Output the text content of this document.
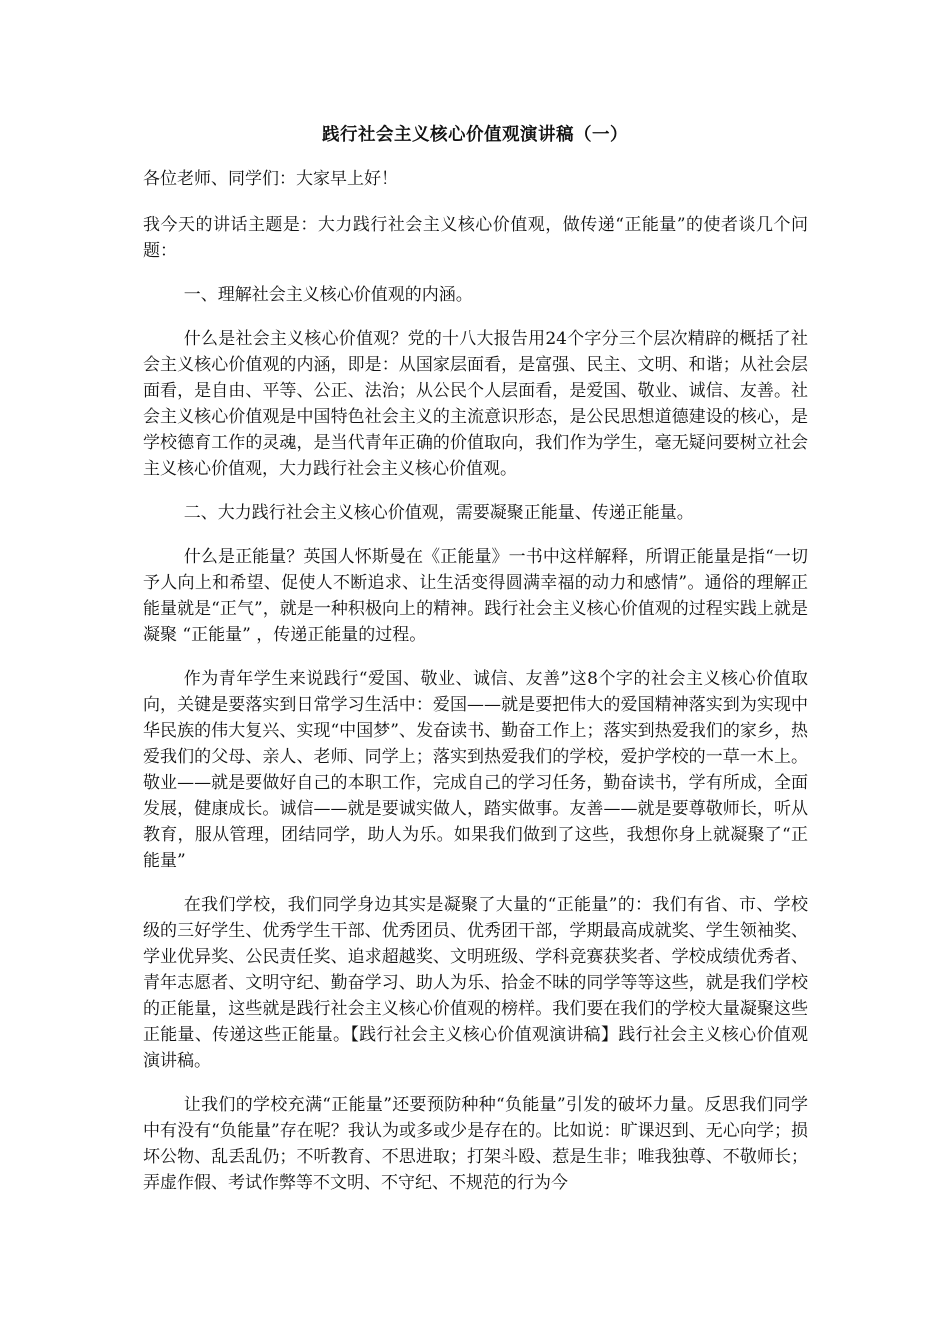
践行社会主义核心价值观演讲稿（一）

各位老师、同学们：大家早上好！

我今天的讲话主题是：大力践行社会主义核心价值观，做传递“正能量”的使者谈几个问题：

一、理解社会主义核心价值观的内涵。

什么是社会主义核心价值观？党的十八大报告用24个字分三个层次精辟的概括了社会主义核心价值观的内涵，即是：从国家层面看，是富强、民主、文明、和谐；从社会层面看，是自由、平等、公正、法治；从公民个人层面看，是爱国、敬业、诚信、友善。社会主义核心价值观是中国特色社会主义的主流意识形态，是公民思想道德建设的核心，是学校德育工作的灵魂，是当代青年正确的价值取向，我们作为学生，毫无疑问要树立社会主义核心价值观，大力践行社会主义核心价值观。

二、大力践行社会主义核心价值观，需要凝聚正能量、传递正能量。

什么是正能量？英国人怀斯曼在《正能量》一书中这样解释，所谓正能量是指“一切予人向上和希望、促使人不断追求、让生活变得圆满幸福的动力和感情”。通俗的理解正能量就是“正气”，就是一种积极向上的精神。践行社会主义核心价值观的过程实践上就是凝聚 “正能量” ，传递正能量的过程。

作为青年学生来说践行“爱国、敬业、诚信、友善”这8个字的社会主义核心价值取向，关键是要落实到日常学习生活中：爱国——就是要把伟大的爱国精神落实到为实现中华民族的伟大复兴、实现“中国梦”、发奋读书、勤奋工作上；落实到热爱我们的家乡，热爱我们的父母、亲人、老师、同学上；落实到热爱我们的学校，爱护学校的一草一木上。敬业——就是要做好自己的本职工作，完成自己的学习任务，勤奋读书，学有所成，全面发展，健康成长。诚信——就是要诚实做人，踏实做事。友善——就是要尊敬师长，听从教育，服从管理，团结同学，助人为乐。如果我们做到了这些，我想你身上就凝聚了“正能量”

在我们学校，我们同学身边其实是凝聚了大量的“正能量”的：我们有省、市、学校级的三好学生、优秀学生干部、优秀团员、优秀团干部，学期最高成就奖、学生领袖奖、学业优异奖、公民责任奖、追求超越奖、文明班级、学科竞赛获奖者、学校成绩优秀者、青年志愿者、文明守纪、勤奋学习、助人为乐、拾金不昧的同学等等这些，就是我们学校的正能量，这些就是践行社会主义核心价值观的榜样。我们要在我们的学校大量凝聚这些正能量、传递这些正能量。【践行社会主义核心价值观演讲稿】践行社会主义核心价值观演讲稿。

让我们的学校充满“正能量”还要预防种种“负能量”引发的破坏力量。反思我们同学中有没有“负能量”存在呢？我认为或多或少是存在的。比如说：旷课迟到、无心向学；损坏公物、乱丢乱仍；不听教育、不思进取；打架斗殴、惹是生非；唯我独尊、不敬师长；弄虚作假、考试作弊等不文明、不守纪、不规范的行为今
